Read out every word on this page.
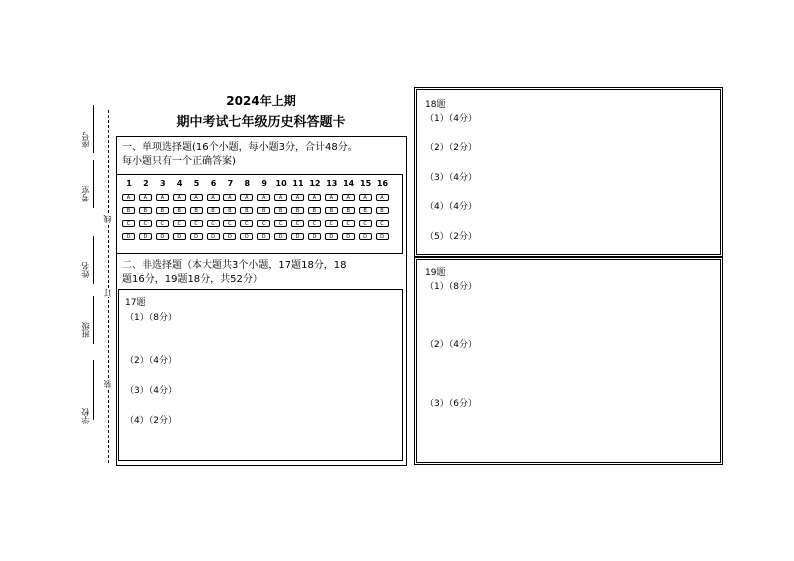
座号
考室
姓名
班级
学校
线
订
装
2024年上期
期中考试七年级历史科答题卡
一、单项选择题(16个小题，每小题3分，合计48分。
每小题只有一个正确答案)
1
A
B
C
D
2
A
B
C
D
3
A
B
C
D
4
A
B
C
D
5
A
B
C
D
6
A
B
C
D
7
A
B
C
D
8
A
B
C
D
9
A
B
C
D
10
A
B
C
D
11
A
B
C
D
12
A
B
C
D
13
A
B
C
D
14
A
B
C
D
15
A
B
C
D
16
A
B
C
D
二、非选择题（本大题共3个小题，17题18分，18
题16分，19题18分，共52分）
17题
（1）（8分）
（2）（4分）
（3）（4分）
（4）（2分）
18题
（1）（4分）
（2）（2分）
（3）（4分）
（4）（4分）
（5）（2分）
19题
（1）（8分）
（2）（4分）
（3）（6分）
